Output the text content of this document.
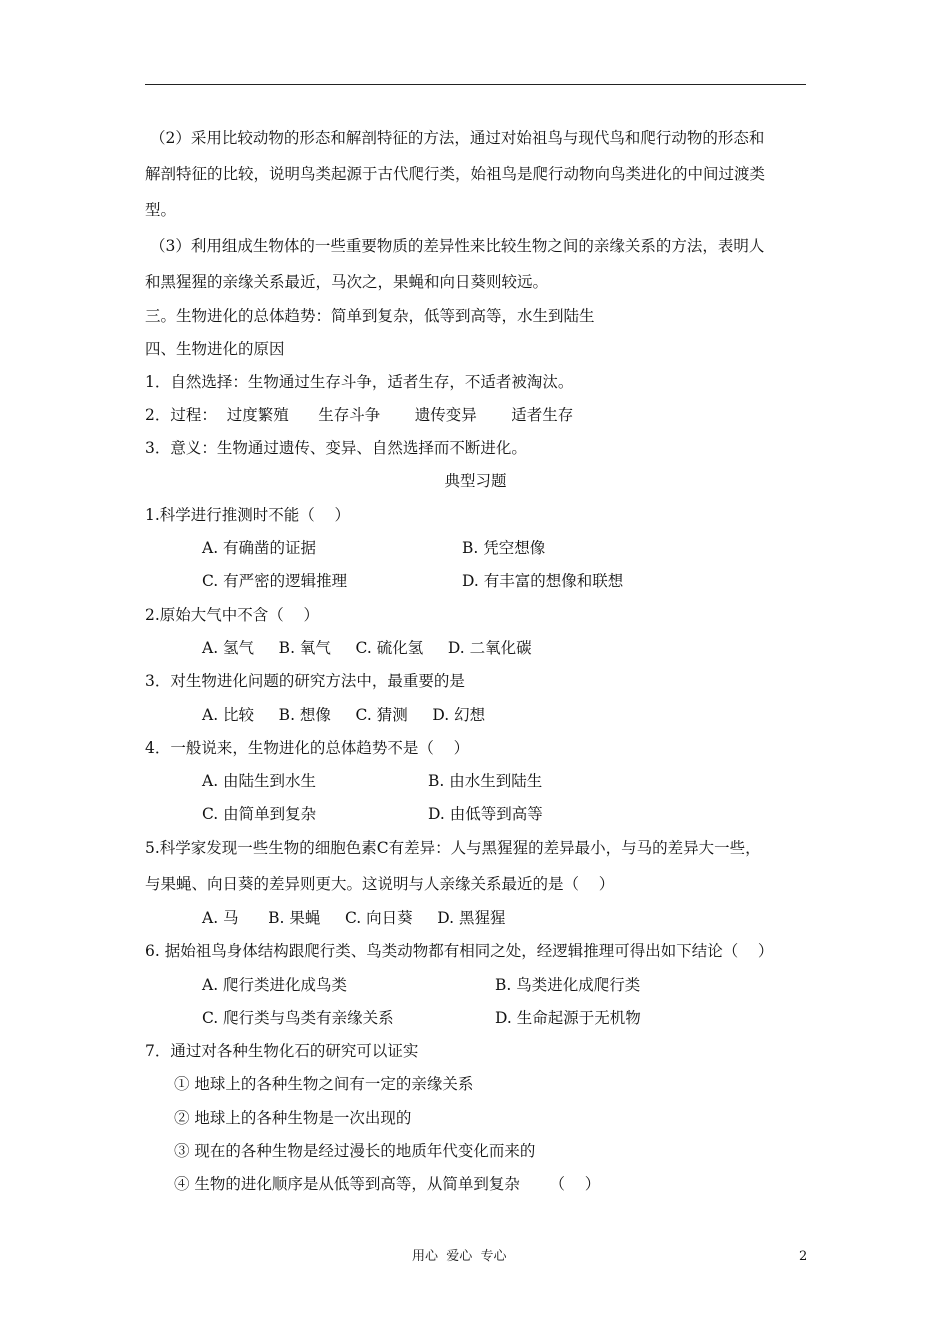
（2）采用比较动物的形态和解剖特征的方法，通过对始祖鸟与现代鸟和爬行动物的形态和
解剖特征的比较，说明鸟类起源于古代爬行类，始祖鸟是爬行动物向鸟类进化的中间过渡类
型。
（3）利用组成生物体的一些重要物质的差异性来比较生物之间的亲缘关系的方法，表明人
和黑猩猩的亲缘关系最近，马次之，果蝇和向日葵则较远。
三。生物进化的总体趋势：简单到复杂，低等到高等，水生到陆生
四、生物进化的原因
1．自然选择：生物通过生存斗争，适者生存，不适者被淘汰。
2．过程：  过度繁殖      生存斗争       遗传变异       适者生存
3．意义：生物通过遗传、变异、自然选择而不断进化。
典型习题
1.科学进行推测时不能（    ）
A. 有确凿的证据	B. 凭空想像
C. 有严密的逻辑推理	D. 有丰富的想像和联想
2.原始大气中不含（    ）
A. 氢气     B. 氧气     C. 硫化氢     D. 二氧化碳
3．对生物进化问题的研究方法中，最重要的是
A. 比较     B. 想像     C. 猜测     D. 幻想
4．一般说来，生物进化的总体趋势不是（    ）
A. 由陆生到水生	B. 由水生到陆生
C. 由简单到复杂	D. 由低等到高等
5.科学家发现一些生物的细胞色素C有差异：人与黑猩猩的差异最小，与马的差异大一些，
与果蝇、向日葵的差异则更大。这说明与人亲缘关系最近的是（    ）
A. 马      B. 果蝇     C. 向日葵     D. 黑猩猩
6. 据始祖鸟身体结构跟爬行类、鸟类动物都有相同之处，经逻辑推理可得出如下结论（    ）
A. 爬行类进化成鸟类	B. 鸟类进化成爬行类
C. 爬行类与鸟类有亲缘关系	D. 生命起源于无机物
7．通过对各种生物化石的研究可以证实
① 地球上的各种生物之间有一定的亲缘关系
② 地球上的各种生物是一次出现的
③ 现在的各种生物是经过漫长的地质年代变化而来的
④ 生物的进化顺序是从低等到高等，从简单到复杂      （    ）
用心  爱心  专心	2
